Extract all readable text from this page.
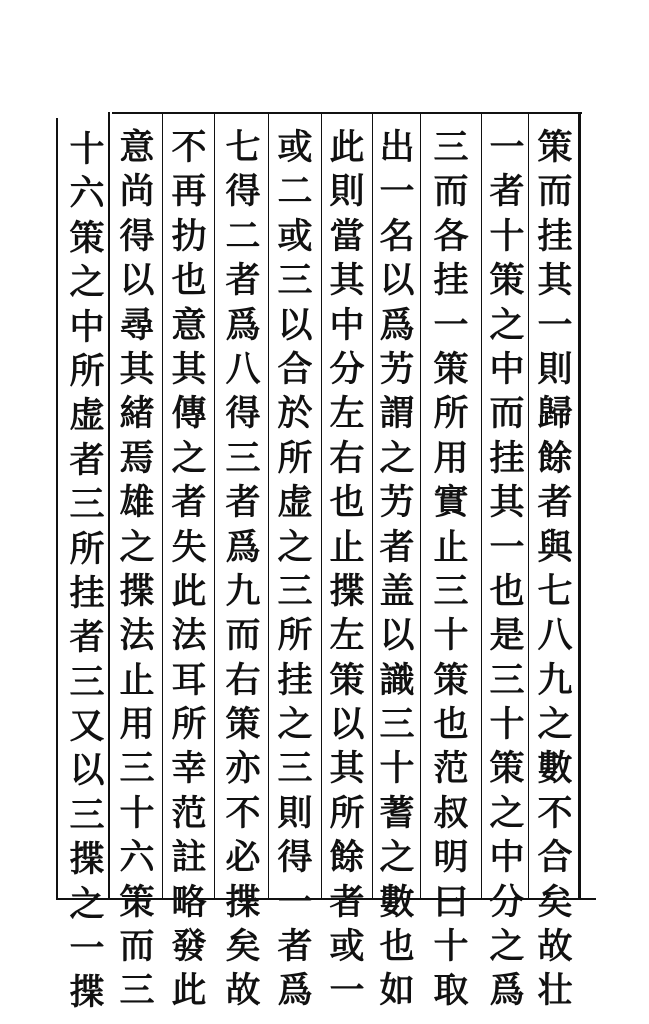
策
而
挂
其
一
則
歸
餘
者
與
七
八
九
之
數
不
合
矣
故
壮
一
者
十
策
之
中
而
挂
其
一
也
是
三
十
策
之
中
分
之
爲
三
而
各
挂
一
策
所
用
實
止
三
十
策
也
范
叔
明
曰
十
取
出
一
名
以
爲
艻
謂
之
艻
者
盖
以
識
三
十
蓍
之
數
也
如
此
則
當
其
中
分
左
右
也
止
揲
左
策
以
其
所
餘
者
或
一
或
二
或
三
以
合
於
所
虚
之
三
所
挂
之
三
則
得
一
者
爲
七
得
二
者
爲
八
得
三
者
爲
九
而
右
策
亦
不
必
揲
矣
故
不
再
扐
也
意
其
傳
之
者
失
此
法
耳
所
幸
范
註
略
發
此
意
尚
得
以
尋
其
緒
焉
雄
之
揲
法
止
用
三
十
六
策
而
三
十
六
策
之
中
所
虚
者
三
所
挂
者
三
又
以
三
揲
之
一
揲
